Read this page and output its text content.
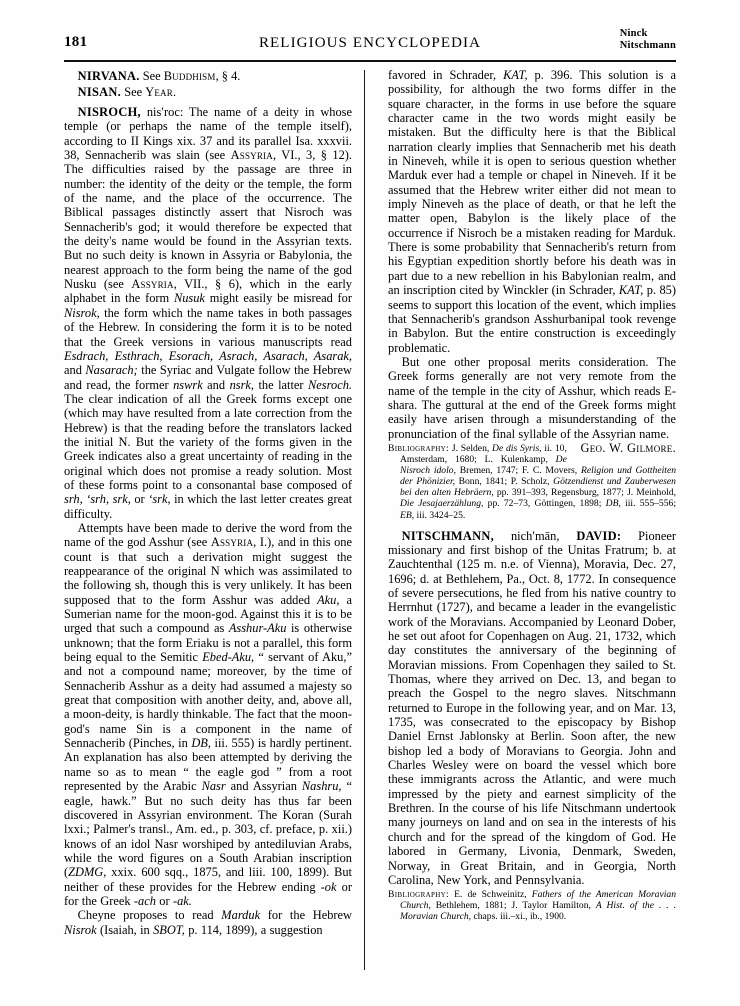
181	RELIGIOUS ENCYCLOPEDIA
Ninck
Nitschmann

NIRVANA. See Buddhism, § 4.

NISAN. See Year.

NISROCH, nis′roc: The name of a deity in whose temple (or perhaps the name of the temple itself), according to II Kings xix. 37 and its parallel Isa. xxxvii. 38, Sennacherib was slain (see Assyria, VI., 3, § 12). The difficulties raised by the passage are three in number: the identity of the deity or the temple, the form of the name, and the place of the occurrence. The Biblical passages distinctly assert that Nisroch was Sennacherib's god; it would therefore be expected that the deity's name would be found in the Assyrian texts. But no such deity is known in Assyria or Babylonia, the nearest approach to the form being the name of the god Nusku (see Assyria, VII., § 6), which in the early alphabet in the form Nusuk might easily be misread for Nisrok, the form which the name takes in both passages of the Hebrew. In considering the form it is to be noted that the Greek versions in various manuscripts read Esdrach, Esthrach, Esorach, Asrach, Asarach, Asarak, and Nasarach; the Syriac and Vulgate follow the Hebrew and read, the former nswrk and nsrk, the latter Nesroch. The clear indication of all the Greek forms except one (which may have resulted from a late correction from the Hebrew) is that the reading before the translators lacked the initial N. But the variety of the forms given in the Greek indicates also a great uncertainty of reading in the original which does not promise a ready solution. Most of these forms point to a consonantal base composed of srh, ‘srh, srk, or ‘srk, in which the last letter creates great difficulty.

Attempts have been made to derive the word from the name of the god Asshur (see Assyria, I.), and in this one count is that such a derivation might suggest the reappearance of the original N which was assimilated to the following sh, though this is very unlikely. It has been supposed that to the form Asshur was added Aku, a Sumerian name for the moon-god. Against this it is to be urged that such a compound as Asshur-Aku is otherwise unknown; that the form Eriaku is not a parallel, this form being equal to the Semitic Ebed-Aku, “ servant of Aku,” and not a compound name; moreover, by the time of Sennacherib Asshur as a deity had assumed a majesty so great that composition with another deity, and, above all, a moon-deity, is hardly thinkable. The fact that the moon-god's name Sin is a component in the name of Sennacherib (Pinches, in DB, iii. 555) is hardly pertinent. An explanation has also been attempted by deriving the name so as to mean “ the eagle god ” from a root represented by the Arabic Nasr and Assyrian Nashru, “ eagle, hawk.” But no such deity has thus far been discovered in Assyrian environment. The Koran (Surah lxxi.; Palmer's transl., Am. ed., p. 303, cf. preface, p. xii.) knows of an idol Nasr worshiped by antediluvian Arabs, while the word figures on a South Arabian inscription (ZDMG, xxix. 600 sqq., 1875, and liii. 100, 1899). But neither of these provides for the Hebrew ending -ok or for the Greek -ach or -ak.

Cheyne proposes to read Marduk for the Hebrew Nisrok (Isaiah, in SBOT, p. 114, 1899), a suggestion

favored in Schrader, KAT, p. 396. This solution is a possibility, for although the two forms differ in the square character, in the forms in use before the square character came in the two words might easily be mistaken. But the difficulty here is that the Biblical narration clearly implies that Sennacherib met his death in Nineveh, while it is open to serious question whether Marduk ever had a temple or chapel in Nineveh. If it be assumed that the Hebrew writer either did not mean to imply Nineveh as the place of death, or that he left the matter open, Babylon is the likely place of the occurrence if Nisroch be a mistaken reading for Marduk. There is some probability that Sennacherib's return from his Egyptian expedition shortly before his death was in part due to a new rebellion in his Babylonian realm, and an inscription cited by Winckler (in Schrader, KAT, p. 85) seems to support this location of the event, which implies that Sennacherib's grandson Asshurbanipal took revenge in Babylon. But the entire construction is exceedingly problematic.

But one other proposal merits consideration. The Greek forms generally are not very remote from the name of the temple in the city of Asshur, which reads E-shara. The guttural at the end of the Greek forms might easily have arisen through a misunderstanding of the pronunciation of the final syllable of the Assyrian name.
Geo. W. Gilmore.

Bibliography: J. Selden, De dis Syris, ii. 10, Amsterdam, 1680; L. Kulenkamp, De Nisroch idolo, Bremen, 1747; F. C. Movers, Religion und Gottheiten der Phönizier, Bonn, 1841; P. Scholz, Götzendienst und Zauberwesen bei den alten Hebräern, pp. 391–393, Regensburg, 1877; J. Meinhold, Die Jesajaerzählung, pp. 72–73, Göttingen, 1898; DB, iii. 555–556; EB, iii. 3424–25.

NITSCHMANN, nich′mān, DAVID: Pioneer missionary and first bishop of the Unitas Fratrum; b. at Zauchtenthal (125 m. n.e. of Vienna), Moravia, Dec. 27, 1696; d. at Bethlehem, Pa., Oct. 8, 1772. In consequence of severe persecutions, he fled from his native country to Herrnhut (1727), and became a leader in the evangelistic work of the Moravians. Accompanied by Leonard Dober, he set out afoot for Copenhagen on Aug. 21, 1732, which day constitutes the anniversary of the beginning of Moravian missions. From Copenhagen they sailed to St. Thomas, where they arrived on Dec. 13, and began to preach the Gospel to the negro slaves. Nitschmann returned to Europe in the following year, and on Mar. 13, 1735, was consecrated to the episcopacy by Bishop Daniel Ernst Jablonsky at Berlin. Soon after, the new bishop led a body of Moravians to Georgia. John and Charles Wesley were on board the vessel which bore these immigrants across the Atlantic, and were much impressed by the piety and earnest simplicity of the Brethren. In the course of his life Nitschmann undertook many journeys on land and on sea in the interests of his church and for the spread of the kingdom of God. He labored in Germany, Livonia, Denmark, Sweden, Norway, in Great Britain, and in Georgia, North Carolina, New York, and Pennsylvania.

Bibliography: E. de Schweinitz, Fathers of the American Moravian Church, Bethlehem, 1881; J. Taylor Hamilton, A Hist. of the . . . Moravian Church, chaps. iii.–xi., ib., 1900.
